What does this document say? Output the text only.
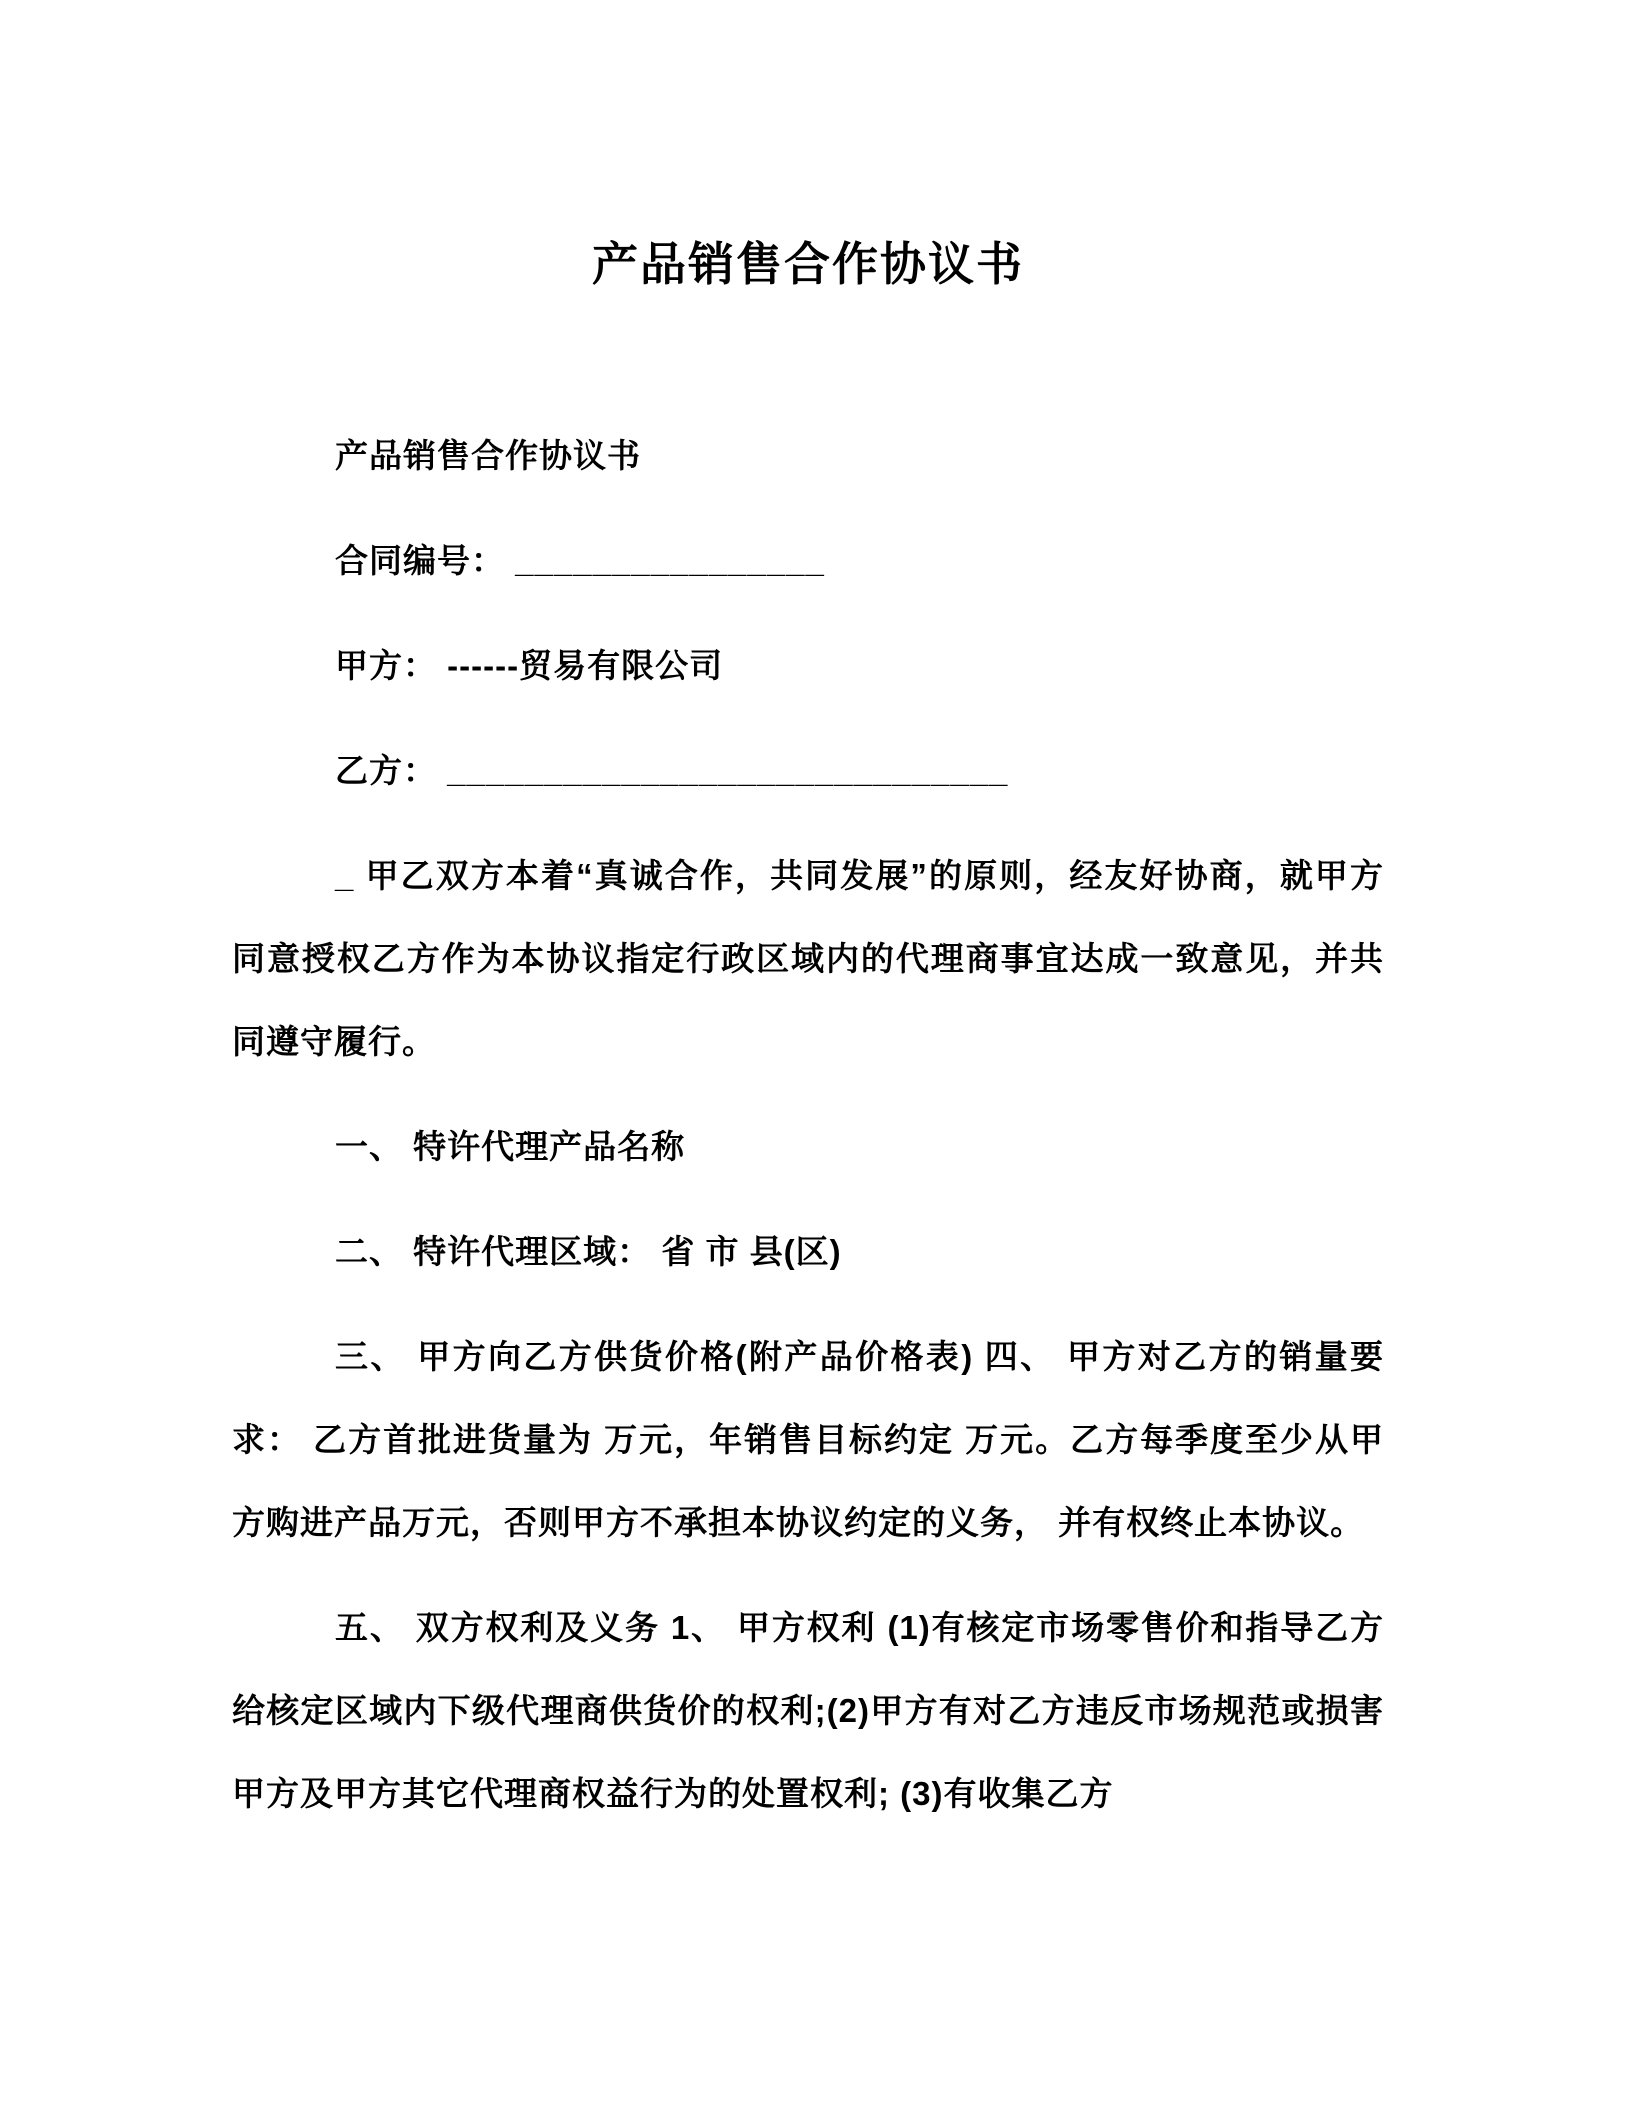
产品销售合作协议书

产品销售合作协议书

合同编号： ________________

甲方： ------贸易有限公司

乙方： _____________________________

_ 甲乙双方本着“真诚合作，共同发展”的原则，经友好协商，就甲方同意授权乙方作为本协议指定行政区域内的代理商事宜达成一致意见，并共同遵守履行。

一、 特许代理产品名称

二、 特许代理区域： 省 市 县(区)

三、 甲方向乙方供货价格(附产品价格表) 四、 甲方对乙方的销量要求： 乙方首批进货量为 万元，年销售目标约定 万元。乙方每季度至少从甲方购进产品万元，否则甲方不承担本协议约定的义务， 并有权终止本协议。

五、 双方权利及义务 1、 甲方权利 (1)有核定市场零售价和指导乙方给核定区域内下级代理商供货价的权利;(2)甲方有对乙方违反市场规范或损害甲方及甲方其它代理商权益行为的处置权利; (3)有收集乙方
